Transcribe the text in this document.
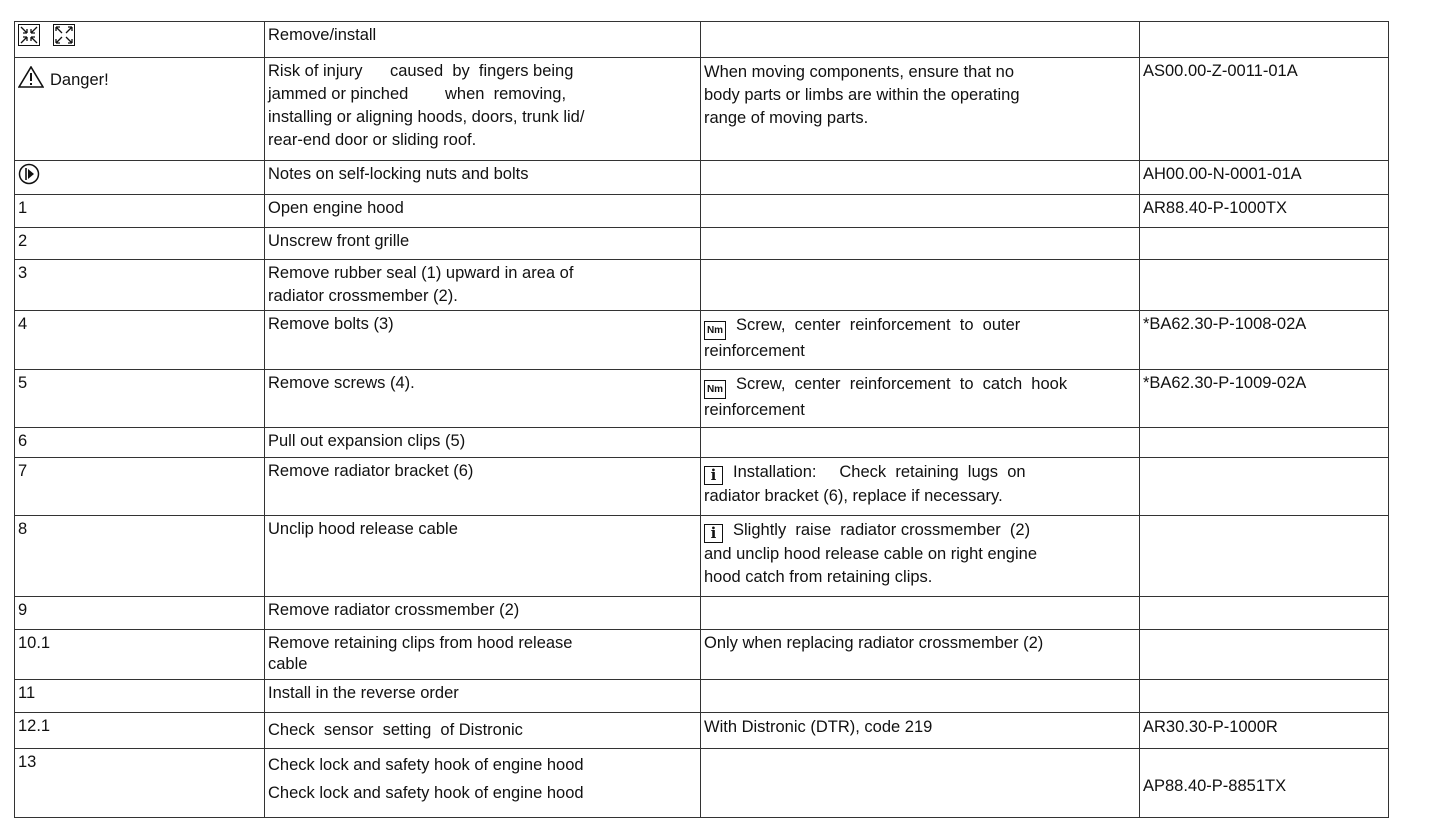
Remove/install		

Danger!	Risk of injury      caused  by  fingers being
jammed or pinched        when  removing,
installing or aligning hoods, doors, trunk lid/
rear-end door or sliding roof.	When moving components, ensure that no
body parts or limbs are within the operating
range of moving parts.	AS00.00-Z-0011-01A

Notes on self-locking nuts and bolts		AH00.00-N-0001-01A

1	Open engine hood		AR88.40-P-1000TX

2	Unscrew front grille		

3	Remove rubber seal (1) upward in area of
radiator crossmember (2).		

4	Remove bolts (3)	Nm Screw,  center  reinforcement  to  outer
reinforcement	*BA62.30-P-1008-02A

5	Remove screws (4).	Nm Screw,  center  reinforcement  to  catch  hook
reinforcement	*BA62.30-P-1009-02A

6	Pull out expansion clips (5)		

7	Remove radiator bracket (6)	i Installation:     Check  retaining  lugs  on
radiator bracket (6), replace if necessary.	

8	Unclip hood release cable	i Slightly  raise  radiator crossmember  (2)
and unclip hood release cable on right engine
hood catch from retaining clips.	

9	Remove radiator crossmember (2)		

10.1	Remove retaining clips from hood release
cable	Only when replacing radiator crossmember (2)	

11	Install in the reverse order		

12.1	Check  sensor  setting  of Distronic	With Distronic (DTR), code 219	AR30.30-P-1000R

13	Check lock and safety hook of engine hood
Check lock and safety hook of engine hood		AP88.40-P-8851TX
